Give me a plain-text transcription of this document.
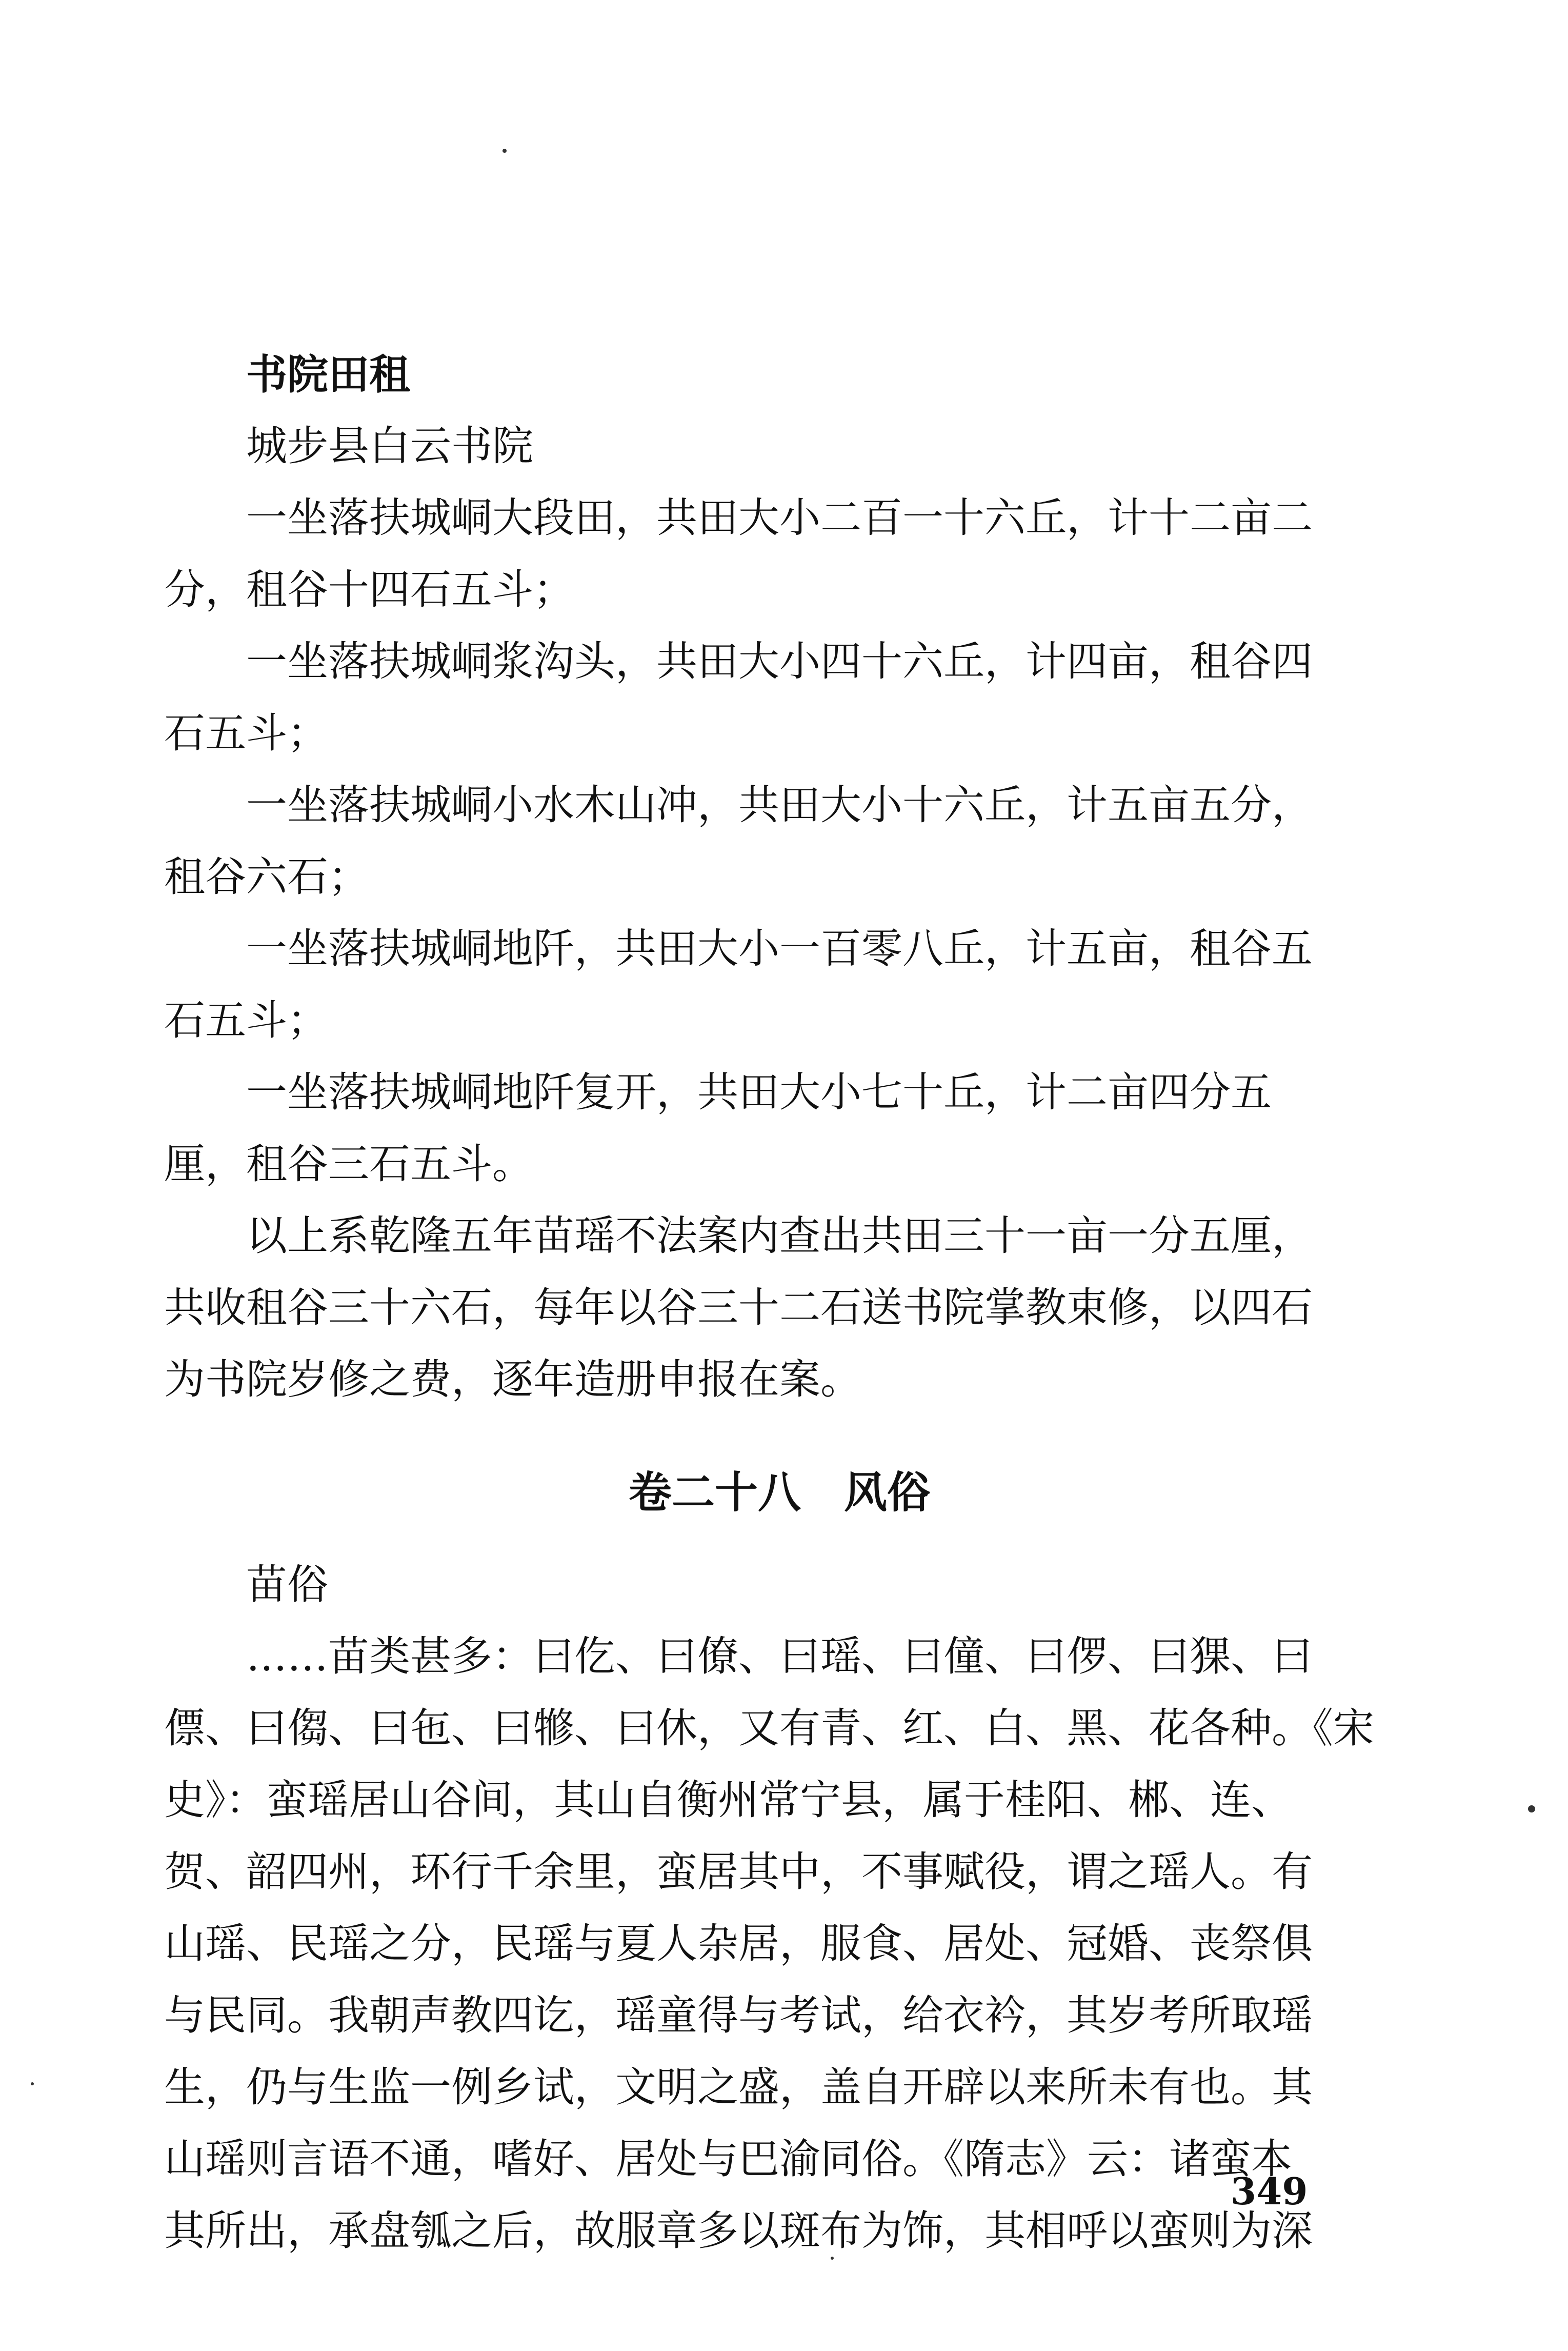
书院田租
城步县白云书院
一坐落扶城峒大段田，共田大小二百一十六丘，计十二亩二
分，租谷十四石五斗；
一坐落扶城峒浆沟头，共田大小四十六丘，计四亩，租谷四
石五斗；
一坐落扶城峒小水木山冲，共田大小十六丘，计五亩五分，
租谷六石；
一坐落扶城峒地阡，共田大小一百零八丘，计五亩，租谷五
石五斗；
一坐落扶城峒地阡复开，共田大小七十丘，计二亩四分五
厘，租谷三石五斗。
以上系乾隆五年苗瑶不法案内查出共田三十一亩一分五厘，
共收租谷三十六石，每年以谷三十二石送书院掌教束修，以四石
为书院岁修之费，逐年造册申报在案。
卷二十八　风俗
苗俗
……苗类甚多：曰仡、曰僚、曰瑶、曰僮、曰㑩、曰猓、曰
僄、曰㑳、曰㐌、曰㹋、曰休，又有青、红、白、黑、花各种。《宋
史》：蛮瑶居山谷间，其山自衡州常宁县，属于桂阳、郴、连、
贺、韶四州，环行千余里，蛮居其中，不事赋役，谓之瑶人。有
山瑶、民瑶之分，民瑶与夏人杂居，服食、居处、冠婚、丧祭俱
与民同。我朝声教四讫，瑶童得与考试，给衣衿，其岁考所取瑶
生，仍与生监一例乡试，文明之盛，盖自开辟以来所未有也。其
山瑶则言语不通，嗜好、居处与巴渝同俗。《隋志》云：诸蛮本
其所出，承盘瓠之后，故服章多以斑布为饰，其相呼以蛮则为深
349
